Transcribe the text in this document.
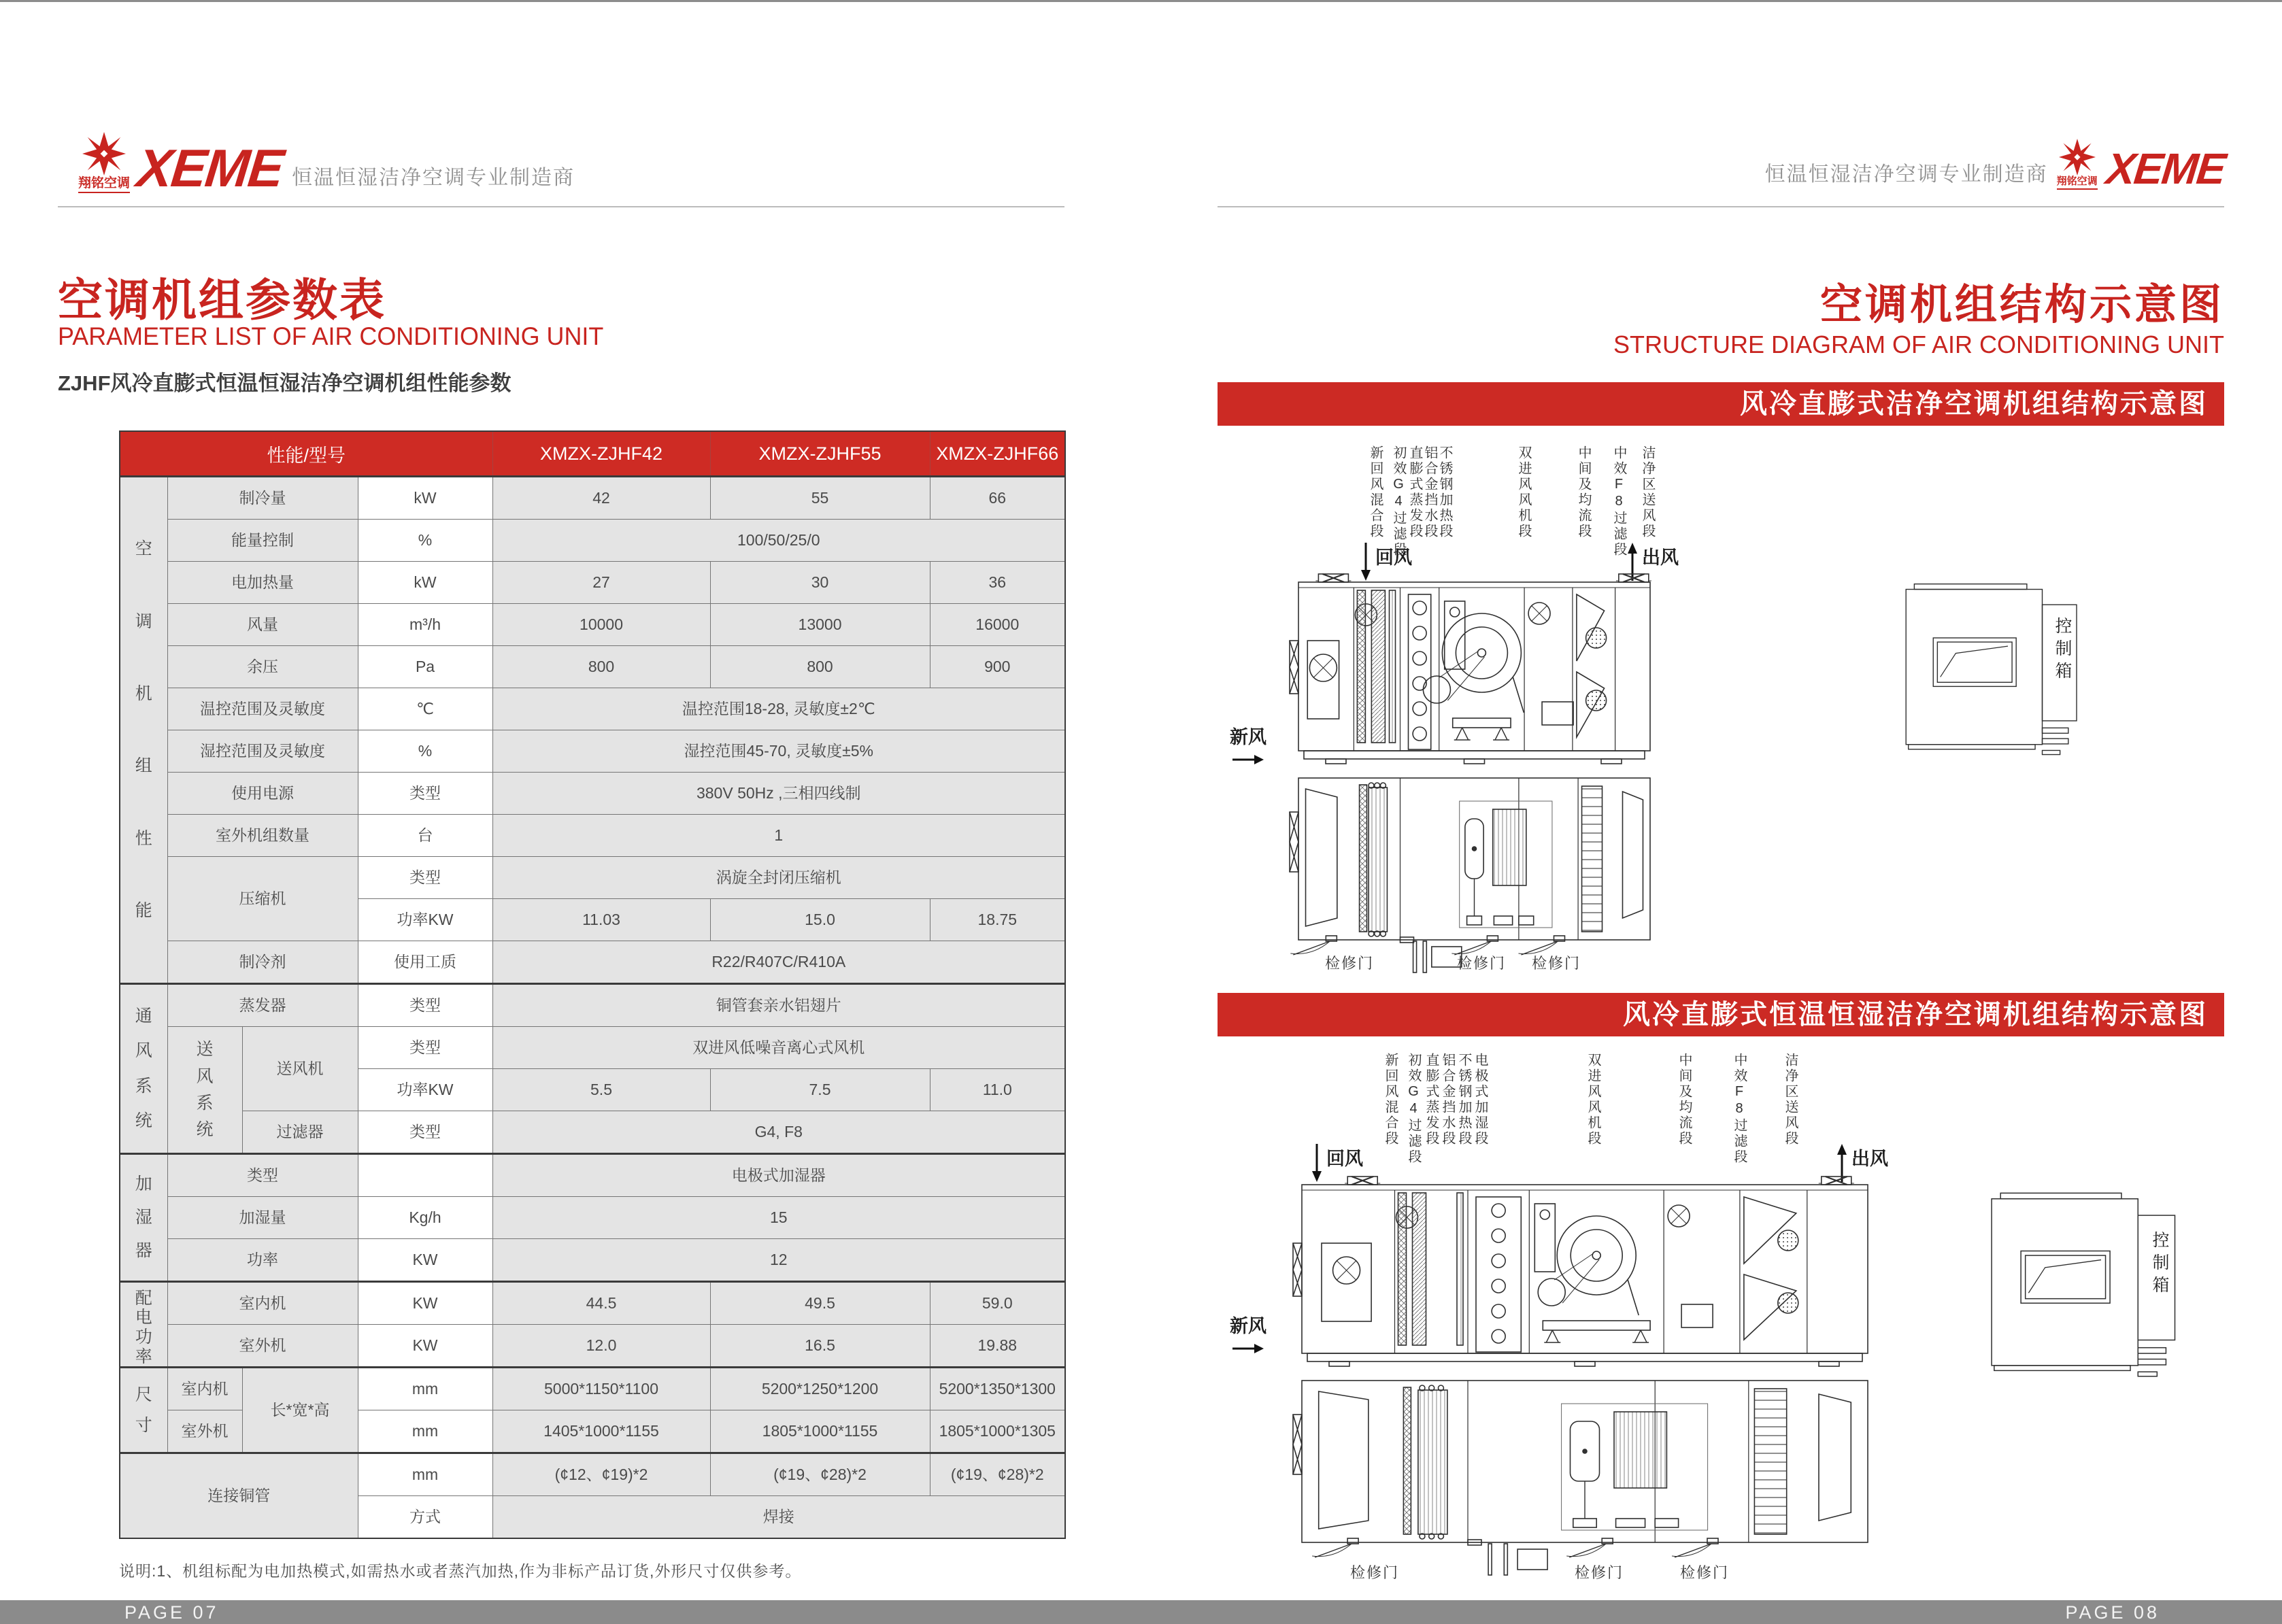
翔铭空调 XEME 恒温恒湿洁净空调专业制造商	恒温恒湿洁净空调专业制造商 翔铭空调 XEME
空调机组参数表
PARAMETER LIST OF AIR CONDITIONING UNIT
ZJHF风冷直膨式恒温恒湿洁净空调机组性能参数
性能/型号				XMZX-ZJHF42	XMZX-ZJHF55	XMZX-ZJHF66

空
调
机
组
性
能
	制冷量	kW	42	55	66
	能量控制		%	100/50/25/0		
	电加热量		kW	27	30	36
	风量		m³/h	10000	13000	16000
	余压		Pa	800	800	900
	温控范围及灵敏度		℃	温控范围18-28, 灵敏度±2℃		
	湿控范围及灵敏度		%	湿控范围45-70, 灵敏度±5%		
	使用电源		类型	380V 50Hz ,三相四线制		
	室外机组数量		台	1		
	压缩机		类型	涡旋全封闭压缩机		
			功率KW	11.03	15.0	18.75
	制冷剂		使用工质	R22/R407C/R410A		

通
风
系
统	蒸发器		类型	铜管套亲水铝翅片		

	送
风
系
统	送风机	类型	双进风低噪音离心式风机		
			功率KW	5.5	7.5	11.0
		过滤器	类型	G4, F8		

加
湿
器	类型			电极式加湿器		
	加湿量		Kg/h	15		
	功率		KW	12		

配
电
功
率	室内机		KW	44.5	49.5	59.0
	室外机		KW	12.0	16.5	19.88

尺
寸	室内机	长*宽*高	mm	5000*1150*1100	5200*1250*1200	5200*1350*1300
	室外机		mm	1405*1000*1155	1805*1000*1155	1805*1000*1305
连接铜管			mm	(¢12、¢19)*2	(¢19、¢28)*2	(¢19、¢28)*2
			方式	焊接		
说明:1、机组标配为电加热模式,如需热水或者蒸汽加热,作为非标产品订货,外形尺寸仅供参考。
空调机组结构示意图
STRUCTURE DIAGRAM OF AIR CONDITIONING UNIT
风冷直膨式洁净空调机组结构示意图
风冷直膨式恒温恒湿洁净空调机组结构示意图
新回风混合段 初效G4过滤段 直膨式蒸发段 铝合金挡水段 不锈钢加热段	双进风风机段	中间及均流段 中效F8过滤段 洁净区送风段
回风	出风
新风

检修门	检修门 检修门
控制箱
新回风混合段 初效G4过滤段 直膨式蒸发段 铝合金挡水段 不锈钢加热段 电极式加湿段	双进风风机段	中间及均流段	中效F8过滤段	洁净区送风段
回风	出风
新风

检修门	检修门	检修门
控制箱
PAGE 07	PAGE 08
